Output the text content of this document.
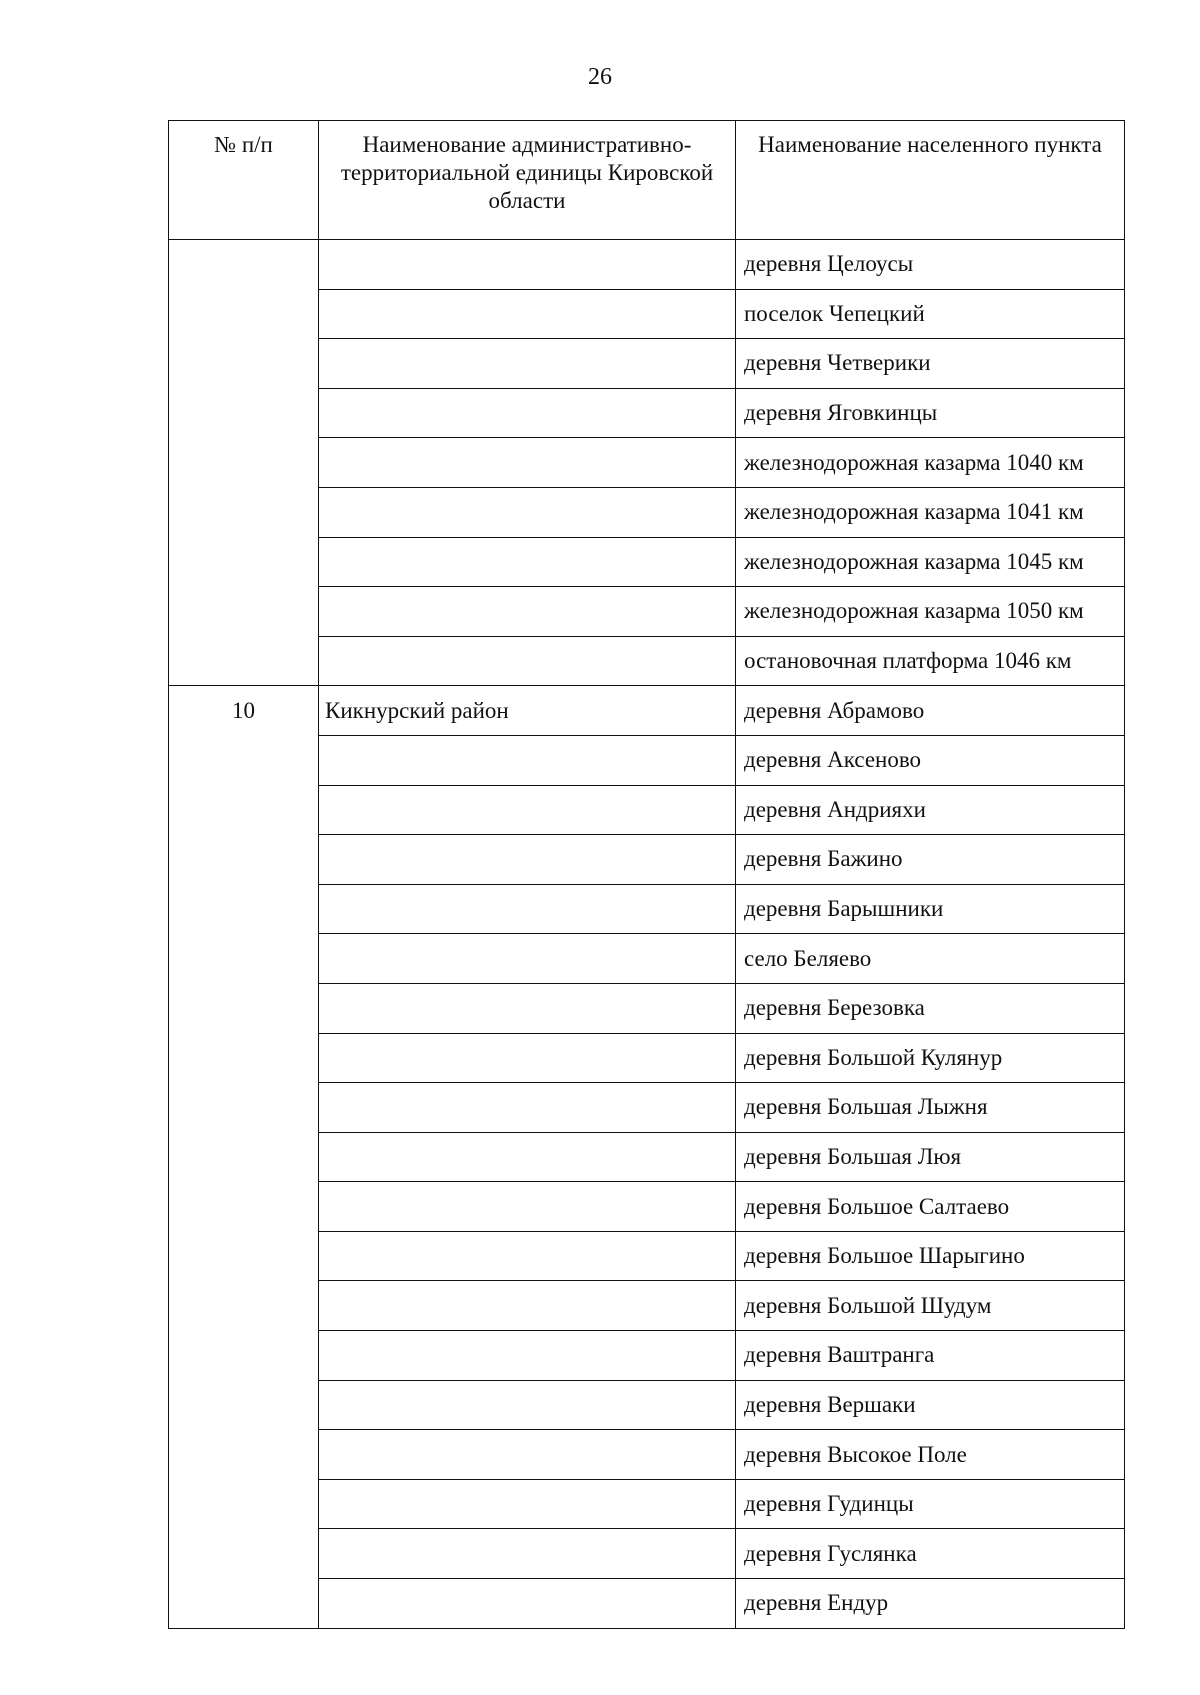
26
№ п/п	Наименование административно-территориальной единицы Кировской области	Наименование населенного пункта
		деревня Целоусы
		поселок Чепецкий
		деревня Четверики
		деревня Яговкинцы
		железнодорожная казарма 1040 км
		железнодорожная казарма 1041 км
		железнодорожная казарма 1045 км
		железнодорожная казарма 1050 км
		остановочная платформа 1046 км
10	Кикнурский район	деревня Абрамово
		деревня Аксеново
		деревня Андрияхи
		деревня Бажино
		деревня Барышники
		село Беляево
		деревня Березовка
		деревня Большой Кулянур
		деревня Большая Лыжня
		деревня Большая Люя
		деревня Большое Салтаево
		деревня Большое Шарыгино
		деревня Большой Шудум
		деревня Ваштранга
		деревня Вершаки
		деревня Высокое Поле
		деревня Гудинцы
		деревня Гуслянка
		деревня Ендур
